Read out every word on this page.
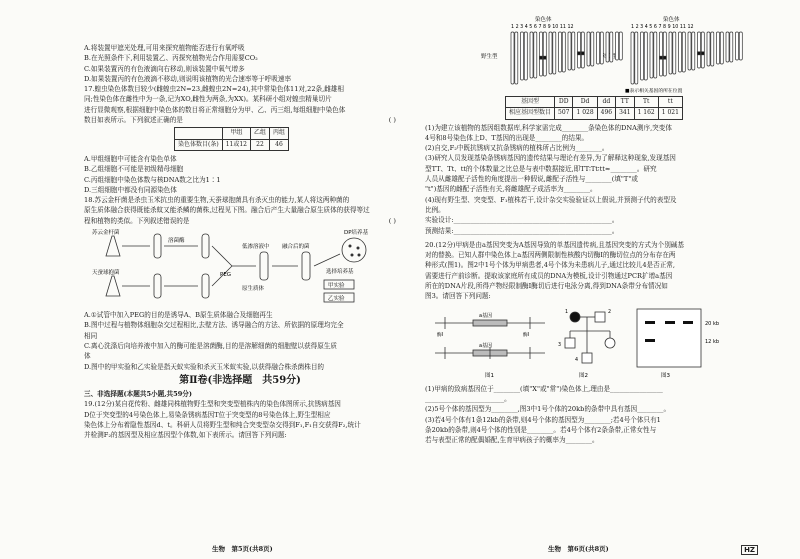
A.将装置甲遮光处理,可用来探究植物能否进行有氧呼吸
B.在光照条件下,利用装置乙、丙探究植物光合作用需要CO₂
C.如果装置丙的有色液滴向右移动,则该装置中氧气增多
D.如果装置丙的有色液滴不移动,则说明该植物的光合速率等于呼吸速率
17.蝗虫染色体数目较少(雌蝗虫2N=23,雌蝗虫2N=24),其中常染色体11对,22条,雌雄相
同;性染色体在雌性中为一条,记为XO,雌性为两条,为XX)。某科研小组对蝗虫精巢切片
进行显微观察,根据细胞中染色体的数目将正常细胞分为甲、乙、丙三组,每组细胞中染色体
数目如表所示。下列叙述正确的是	( )
	甲组	乙组	丙组
染色体数目(条)	11或12	22	46
A.甲组细胞中可能含有染色单体
B.乙组细胞不可能是初级精母细胞
C.丙组细胞中染色体数与核DNA数之比为1∶1
D.三组细胞中都没有同源染色体
18.苏云金杆菌是杀虫玉米抗虫的重要生物,天蚕球抱菌具有杀灭虫的能力,某人将这两种菌的
原生质体融合获得既能杀蚊又能杀鳞的菌株,过程见下图。融合后产生大量融合原生质体的获得等过
程和植物的类似。下列叙述错误的是	( )
苏云金杆菌
天蚕球抱菌
溶菌酶
PEG
低渗溶液中
原生质体
融合后的菌
DP培养基
选择培养基
甲实验
乙实验
A.①试管中加入PEG的目的是诱导A、B原生质体融合及细胞再生
B.图中过程与植物体细胞杂交过程相比,去壁方法、诱导融合的方法、所依据的原理均完全
相同
C.离心洗涤后向培养液中加入的酶可能是溶菌酶,目的是溶解细菌的细胞壁以获得原生质
体
D.图中的甲实验和乙实验是指天蚁实验和杀灭玉米蚁实验,以获得融合株杀菌株目的
第Ⅱ卷(非选择题　共59分)
三、非选择题(本题共5小题,共59分)
19.(12分)某自花传粉、雌雄同株植物野生型和突变型植株内的染色体图所示,抗锈病基因
D位于突变型的4号染色体上,易染条锈病基因T位于突变型的8号染色体上,野生型相应
染色体上分布着隐性基因d、t。科研人员将野生型和纯合突变型杂交得到F₁,F₁自交获得F₂,统计
并检测F₂的基因型及相应基因型个体数,如下表所示。请回答下列问题:
染色体	染色体
1 2 3 4 5 6 7 8 9 10 11 12	1 2 3 4 5 6 7 8 9 10 11 12
野生型
■表示相关基因的所在位置
基因型	DD	Dd	dd	TT	Tt	tt
相应基因型数目	507	1 028	496	341	1 162	1 021
(1)为建立该植物的基因组数据库,科学家需完成________条染色体的DNA测序,突变体
4号和8号染色体上D、T基因的出现是________的结果。
(2)自交,F₂中既抗锈病又抗条锈病的植株所占比例为________。
(3)研究人员发现基染条锈病基因的遗传结果与理论有差异,为了解释这种现象,发现基因
型TT、Tt、tt的个体数量之比总是与表中数据接近,即TT∶Tt∶tt≈________。研究
人员从雌雄配子活性的角度提出一种假说,雌配子活性与________(填"T"或
"t")基因的雌配子活性有关,将雌雄配子成活率为________。
(4)现有野生型、突变型、F₁植株若干,设计杂交实验验证以上假说,并预测子代的表型及
比例。
实验设计:________________________________________________。
预测结果:________________________________________________。
20.(12分)甲病是由a基因突变为A基因导致的单基因遗传病,且基因突变的方式为个别碱基
对的替换。已知人群中染色体上a基因两侧限制性核酸内切酶Ⅰ的酶切位点的分布存在两
种形式(图1)。图2中1号个体为甲病患者,4号个体为未患病儿子,通过比较儿4是否正常,
需要进行产前诊断。提取该家庭所有成员的DNA为模板,设计引物通过PCR扩增a基因
所在的DNA片段,所得产物经限制酶Ⅰ酶切后进行电泳分离,得到DNA条带分布情况如
图3。请回答下列问题:
a基因
a基因
酶Ⅰ	酶Ⅰ
图1
1	2
3
4
图2
20 kb
12 kb
图3
(1)甲病的致病基因位于________(填"X"或"常")染色体上,理由是________________
________________________。
(2)5号个体的基因型为________,图3中1号个体的20kb的条带中具有基因________。
(3)若4号个体有1条12kb的条带,则4号个体的基因型为________;若4号个体只有1
条20kb的条带,则4号个体的性别是________。若4号个体有2条条带,正常女性与
若与表型正常的配偶婚配,生育甲病孩子的概率为________。
生物　第5页(共8页)	生物　第6页(共8页)	HZ
